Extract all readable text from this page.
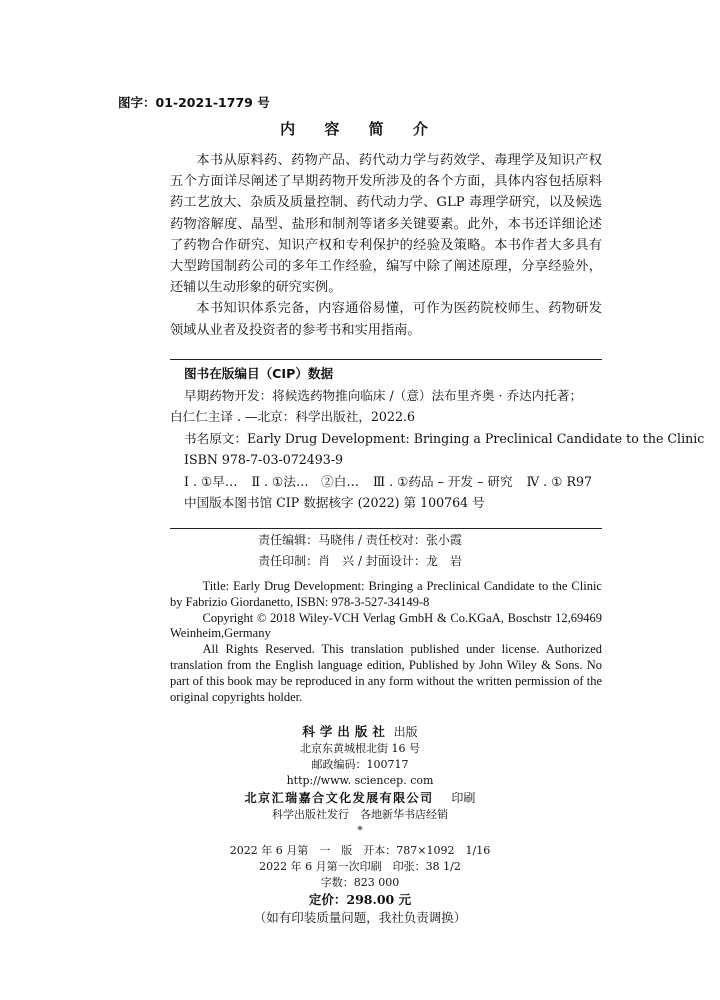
图字：01-2021-1779 号
内 容 简 介

本书从原料药、药物产品、药代动力学与药效学、毒理学及知识产权五个方面详尽阐述了早期药物开发所涉及的各个方面，具体内容包括原料药工艺放大、杂质及质量控制、药代动力学、GLP 毒理学研究，以及候选药物溶解度、晶型、盐形和制剂等诸多关键要素。此外，本书还详细论述了药物合作研究、知识产权和专利保护的经验及策略。本书作者大多具有大型跨国制药公司的多年工作经验，编写中除了阐述原理，分享经验外，还辅以生动形象的研究实例。

本书知识体系完备，内容通俗易懂，可作为医药院校师生、药物研发领域从业者及投资者的参考书和实用指南。

图书在版编目（CIP）数据
早期药物开发：将候选药物推向临床 /（意）法布里齐奥 · 乔达内托著；
白仁仁主译 . —北京：科学出版社，2022.6
书名原文：Early Drug Development: Bringing a Preclinical Candidate to the Clinic
ISBN 978-7-03-072493-9
Ⅰ . ①早… Ⅱ . ①法…　②白… Ⅲ . ①药品 – 开发 – 研究 Ⅳ . ① R97
中国版本图书馆 CIP 数据核字 (2022) 第 100764 号
责任编辑：马晓伟 / 责任校对：张小霞
责任印制：肖　兴 / 封面设计：龙　岩

Title: Early Drug Development: Bringing a Preclinical Candidate to the Clinic by Fabrizio Giordanetto, ISBN: 978-3-527-34149-8

Copyright © 2018 Wiley-VCH Verlag GmbH & Co.KGaA, Boschstr 12,69469 Weinheim,Germany

All Rights Reserved. This translation published under license. Authorized translation from the English language edition, Published by John Wiley & Sons. No part of this book may be reproduced in any form without the written permission of the original copyrights holder.

科学出版社 出版
北京东黄城根北街 16 号
邮政编码：100717
http://www. sciencep. com
北京汇瑞嘉合文化发展有限公司 印刷
科学出版社发行　各地新华书店经销
*
2022 年 6 月第　一　版　开本：787×1092　1/16
2022 年 6 月第一次印刷　印张：38 1/2
字数：823 000
定价：298.00 元
（如有印装质量问题，我社负责调换）
